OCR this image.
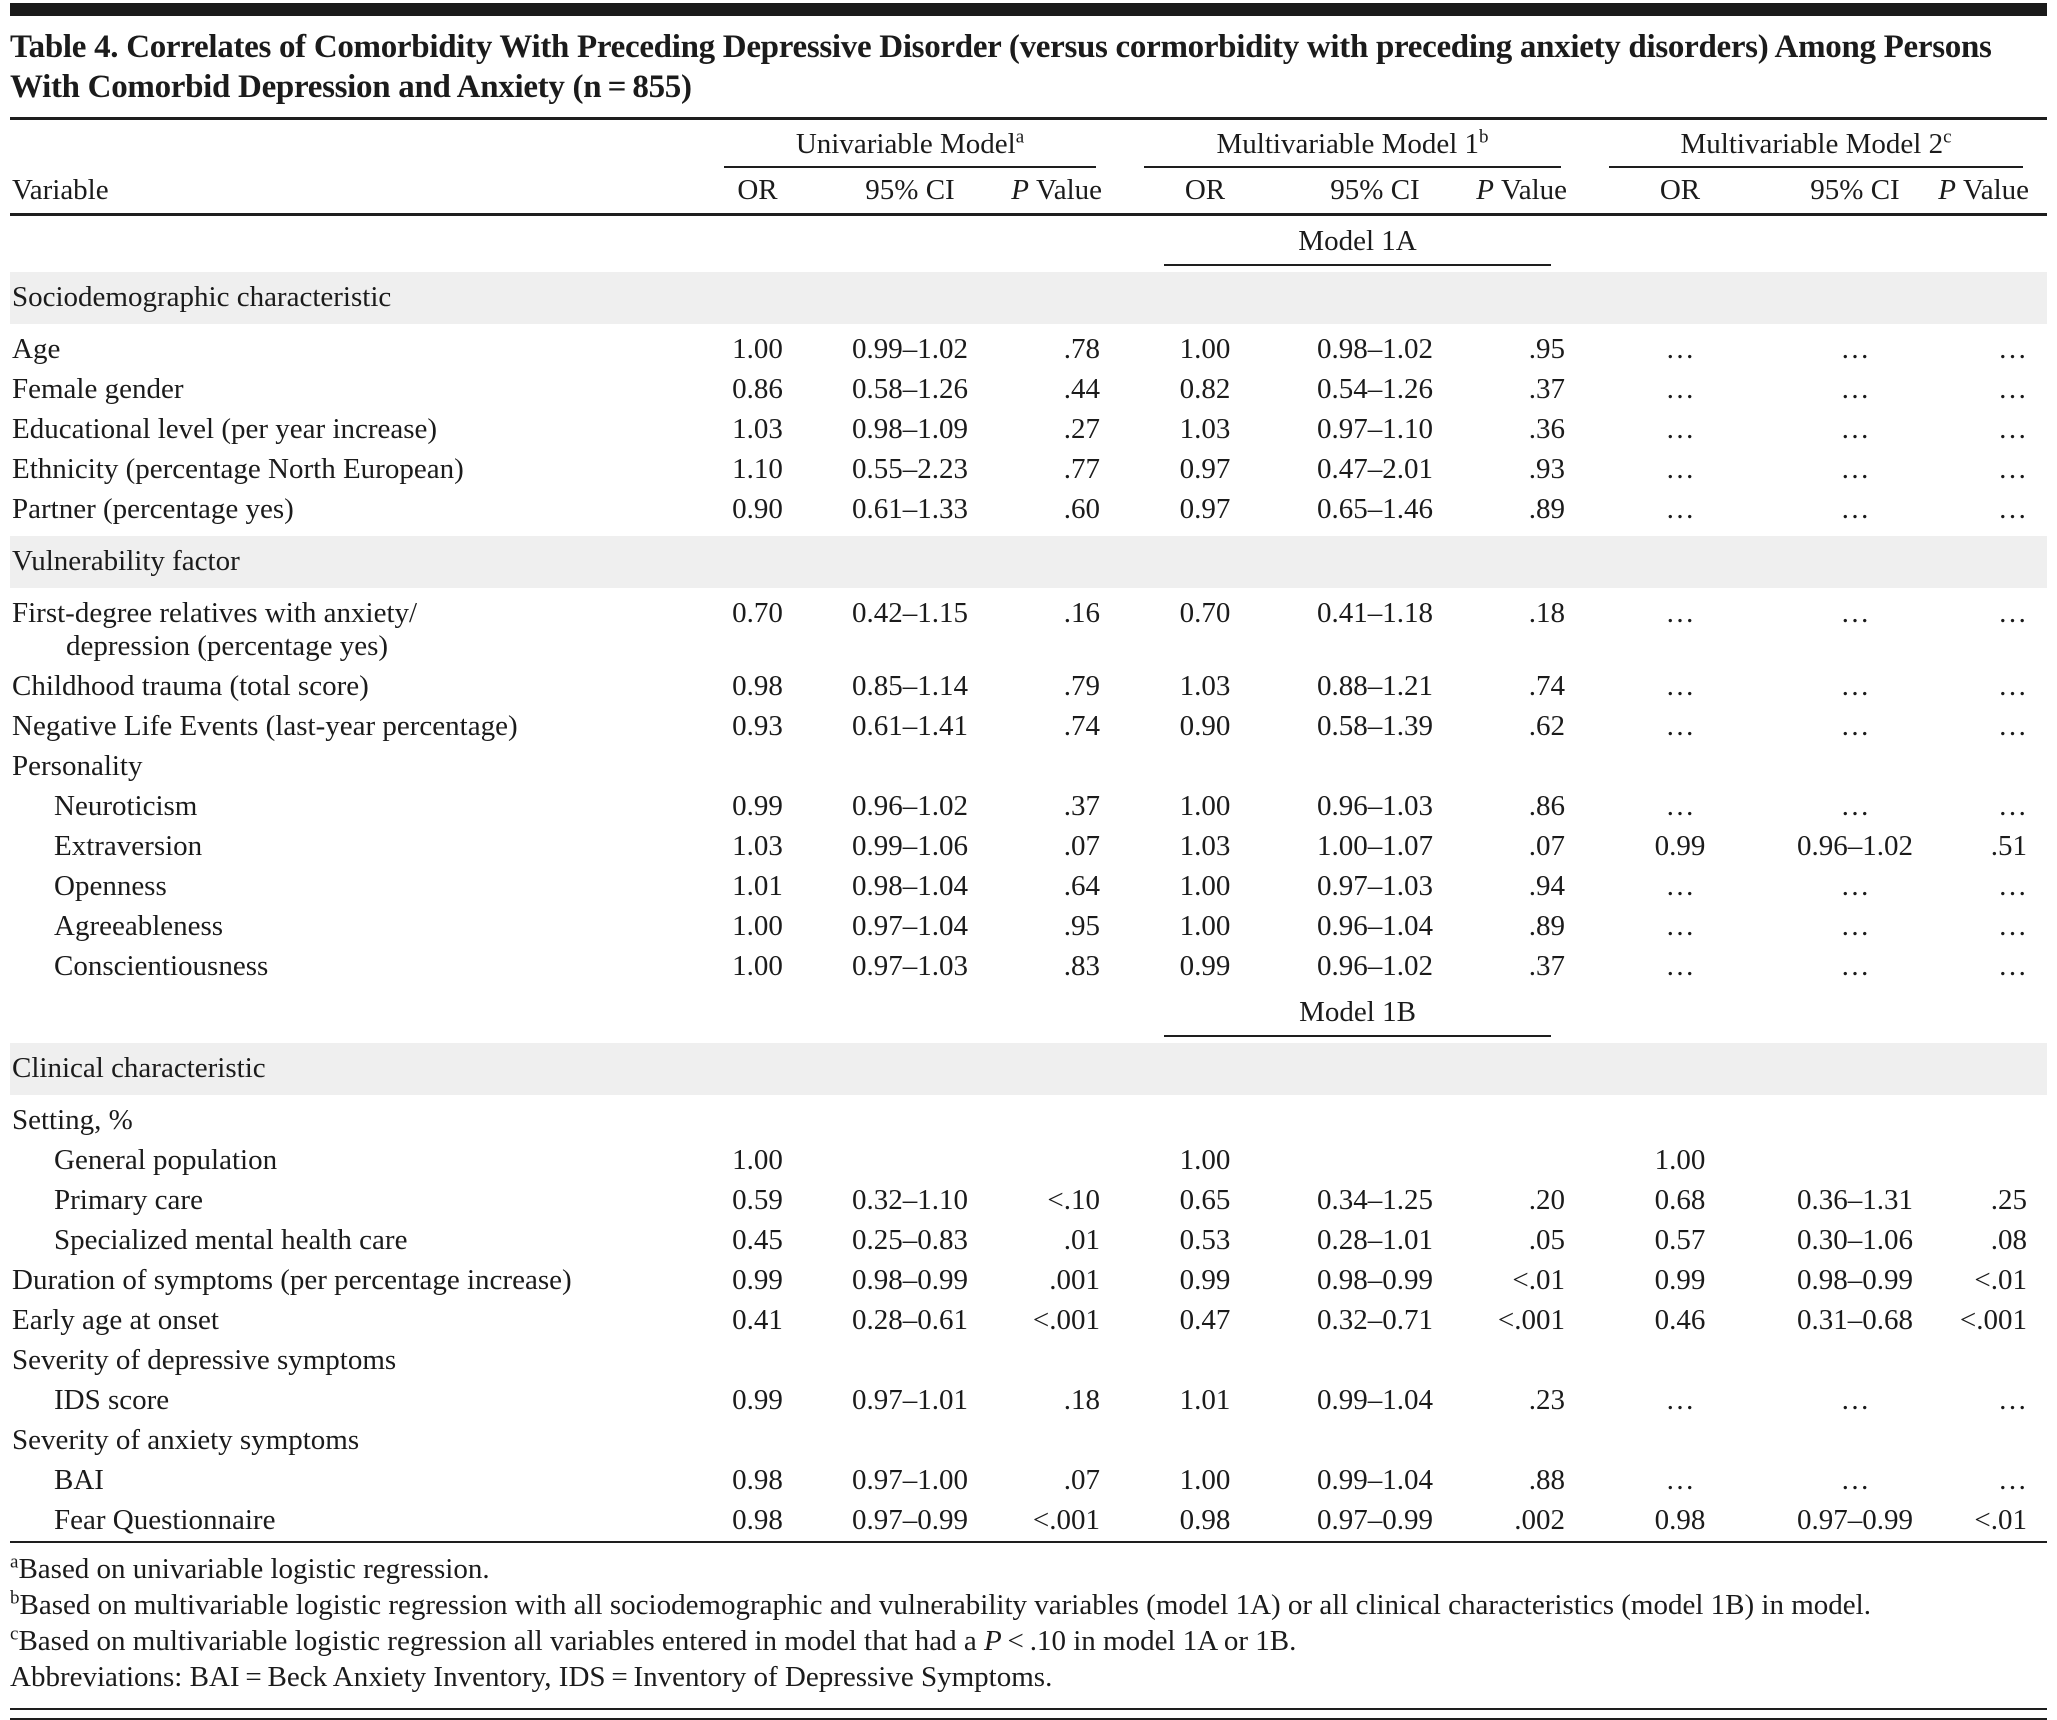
Table 4. Correlates of Comorbidity With Preceding Depressive Disorder (versus cormorbidity with preceding anxiety disorders) Among Persons With Comorbid Depression and Anxiety (n = 855)

	Univariable Model$^a$			Multivariable Model 1$^b$			Multivariable Model 2$^c$

Variable	OR	95% CI	P Value	OR	95% CI	P Value	OR	95% CI	P Value

				Model 1A					

Sociodemographic characteristic									

Age	1.00	0.99–1.02	.78	1.00	0.98–1.02	.95	…	…	…

Female gender	0.86	0.58–1.26	.44	0.82	0.54–1.26	.37	…	…	…

Educational level (per year increase)	1.03	0.98–1.09	.27	1.03	0.97–1.10	.36	…	…	…

Ethnicity (percentage North European)	1.10	0.55–2.23	.77	0.97	0.47–2.01	.93	…	…	…

Partner (percentage yes)	0.90	0.61–1.33	.60	0.97	0.65–1.46	.89	…	…	…
Vulnerability factor									

First-degree relatives with anxiety/
depression (percentage yes)	0.70	0.42–1.15	.16	0.70	0.41–1.18	.18	…	…	…

Childhood trauma (total score)	0.98	0.85–1.14	.79	1.03	0.88–1.21	.74	…	…	…

Negative Life Events (last-year percentage)	0.93	0.61–1.41	.74	0.90	0.58–1.39	.62	…	…	…

Personality									

Neuroticism	0.99	0.96–1.02	.37	1.00	0.96–1.03	.86	…	…	…

Extraversion	1.03	0.99–1.06	.07	1.03	1.00–1.07	.07	0.99	0.96–1.02	.51

Openness	1.01	0.98–1.04	.64	1.00	0.97–1.03	.94	…	…	…

Agreeableness	1.00	0.97–1.04	.95	1.00	0.96–1.04	.89	…	…	…

Conscientiousness	1.00	0.97–1.03	.83	0.99	0.96–1.02	.37	…	…	…

				Model 1B					

Clinical characteristic									

Setting, %									

General population	1.00			1.00			1.00		

Primary care	0.59	0.32–1.10	<.10	0.65	0.34–1.25	.20	0.68	0.36–1.31	.25

Specialized mental health care	0.45	0.25–0.83	.01	0.53	0.28–1.01	.05	0.57	0.30–1.06	.08

Duration of symptoms (per percentage increase)	0.99	0.98–0.99	.001	0.99	0.98–0.99	<.01	0.99	0.98–0.99	<.01

Early age at onset	0.41	0.28–0.61	<.001	0.47	0.32–0.71	<.001	0.46	0.31–0.68	<.001

Severity of depressive symptoms									

IDS score	0.99	0.97–1.01	.18	1.01	0.99–1.04	.23	…	…	…

Severity of anxiety symptoms									

BAI	0.98	0.97–1.00	.07	1.00	0.99–1.04	.88	…	…	…

Fear Questionnaire	0.98	0.97–0.99	<.001	0.98	0.97–0.99	.002	0.98	0.97–0.99	<.01

$^a$Based on univariable logistic regression.

$^b$Based on multivariable logistic regression with all sociodemographic and vulnerability variables (model 1A) or all clinical characteristics (model 1B) in model.

$^c$Based on multivariable logistic regression all variables entered in model that had a P < .10 in model 1A or 1B.

Abbreviations: BAI = Beck Anxiety Inventory, IDS = Inventory of Depressive Symptoms.
